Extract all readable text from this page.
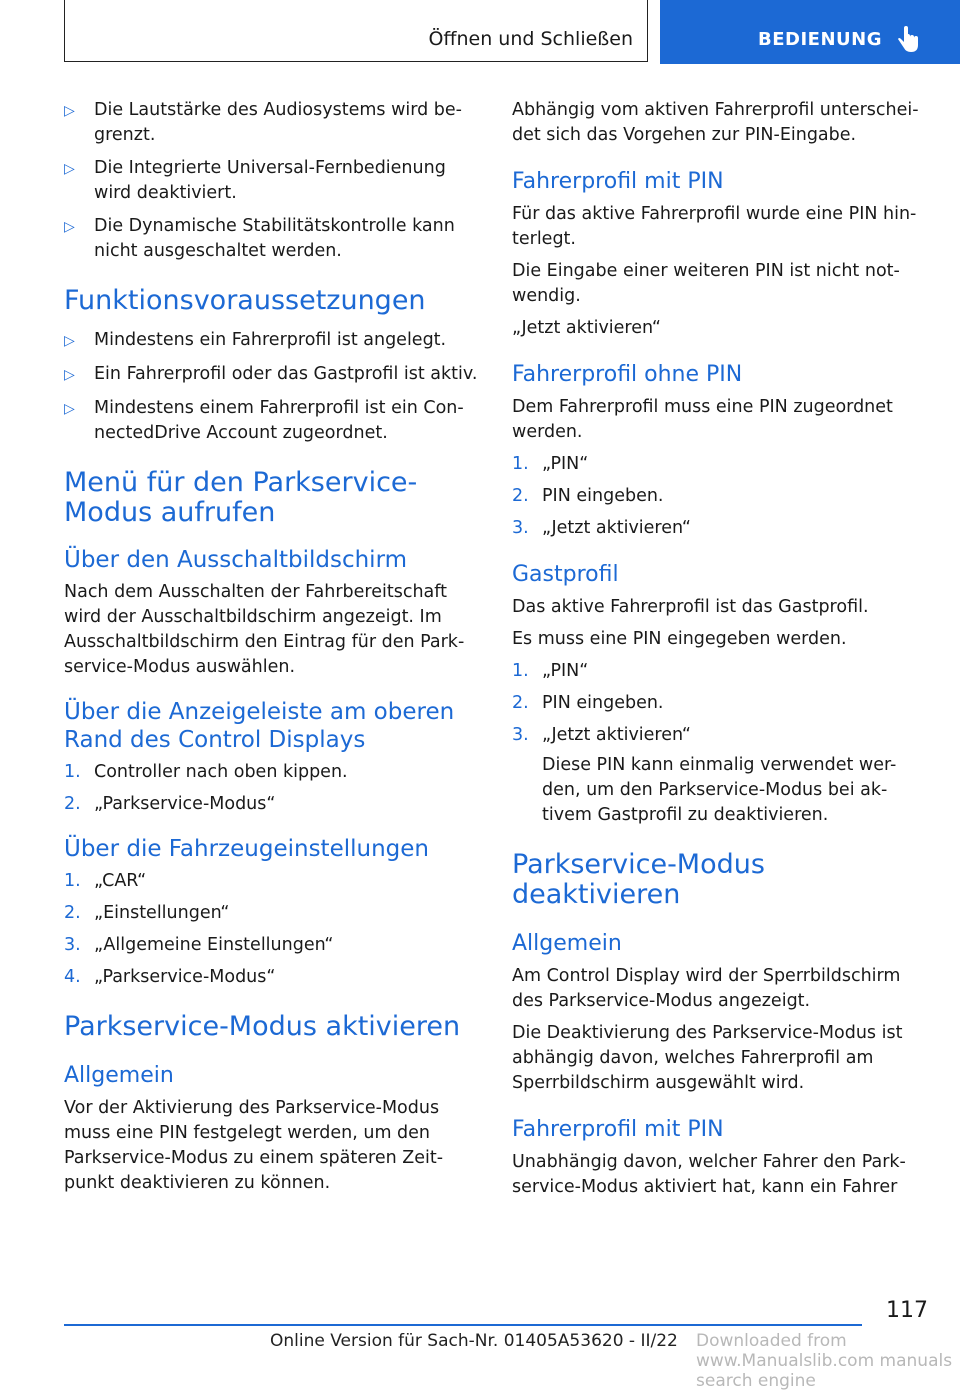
Öffnen und Schließen	BEDIENUNG
▷	Die Lautstärke des Audiosystems wird be-grenzt.
▷	Die Integrierte Universal-Fernbedienung wird deaktiviert.
▷	Die Dynamische Stabilitätskontrolle kann nicht ausgeschaltet werden.
Funktionsvoraussetzungen
▷	Mindestens ein Fahrerprofil ist angelegt.
▷	Ein Fahrerprofil oder das Gastprofil ist aktiv.
▷	Mindestens einem Fahrerprofil ist ein Con-nectedDrive Account zugeordnet.
Menü für den Parkservice-Modus aufrufen
Über den Ausschaltbildschirm

Nach dem Ausschalten der Fahrbereitschaft wird der Ausschaltbildschirm angezeigt. Im Ausschaltbildschirm den Eintrag für den Park-service-Modus auswählen.

Über die Anzeigeleiste am oberen Rand des Control Displays
1. Controller nach oben kippen.
2. „Parkservice-Modus“
Über die Fahrzeugeinstellungen
1. „CAR“
2. „Einstellungen“
3. „Allgemeine Einstellungen“
4. „Parkservice-Modus“
Parkservice-Modus aktivieren
Allgemein

Vor der Aktivierung des Parkservice-Modus muss eine PIN festgelegt werden, um den Parkservice-Modus zu einem späteren Zeit-punkt deaktivieren zu können.

Abhängig vom aktiven Fahrerprofil unterschei-det sich das Vorgehen zur PIN-Eingabe.

Fahrerprofil mit PIN

Für das aktive Fahrerprofil wurde eine PIN hin-terlegt.

Die Eingabe einer weiteren PIN ist nicht not-wendig.

„Jetzt aktivieren“

Fahrerprofil ohne PIN

Dem Fahrerprofil muss eine PIN zugeordnet werden.

1. „PIN“
2. PIN eingeben.
3. „Jetzt aktivieren“
Gastprofil

Das aktive Fahrerprofil ist das Gastprofil.

Es muss eine PIN eingegeben werden.

1. „PIN“
2. PIN eingeben.
3. „Jetzt aktivieren“

Diese PIN kann einmalig verwendet wer-den, um den Parkservice-Modus bei ak-tivem Gastprofil zu deaktivieren.

Parkservice-Modus deaktivieren
Allgemein

Am Control Display wird der Sperrbildschirm des Parkservice-Modus angezeigt.

Die Deaktivierung des Parkservice-Modus ist abhängig davon, welches Fahrerprofil am Sperrbildschirm ausgewählt wird.

Fahrerprofil mit PIN

Unabhängig davon, welcher Fahrer den Park-service-Modus aktiviert hat, kann ein Fahrer

117
Online Version für Sach-Nr. 01405A53620 - II/22 Downloaded from www.Manualslib.com manuals search engine
